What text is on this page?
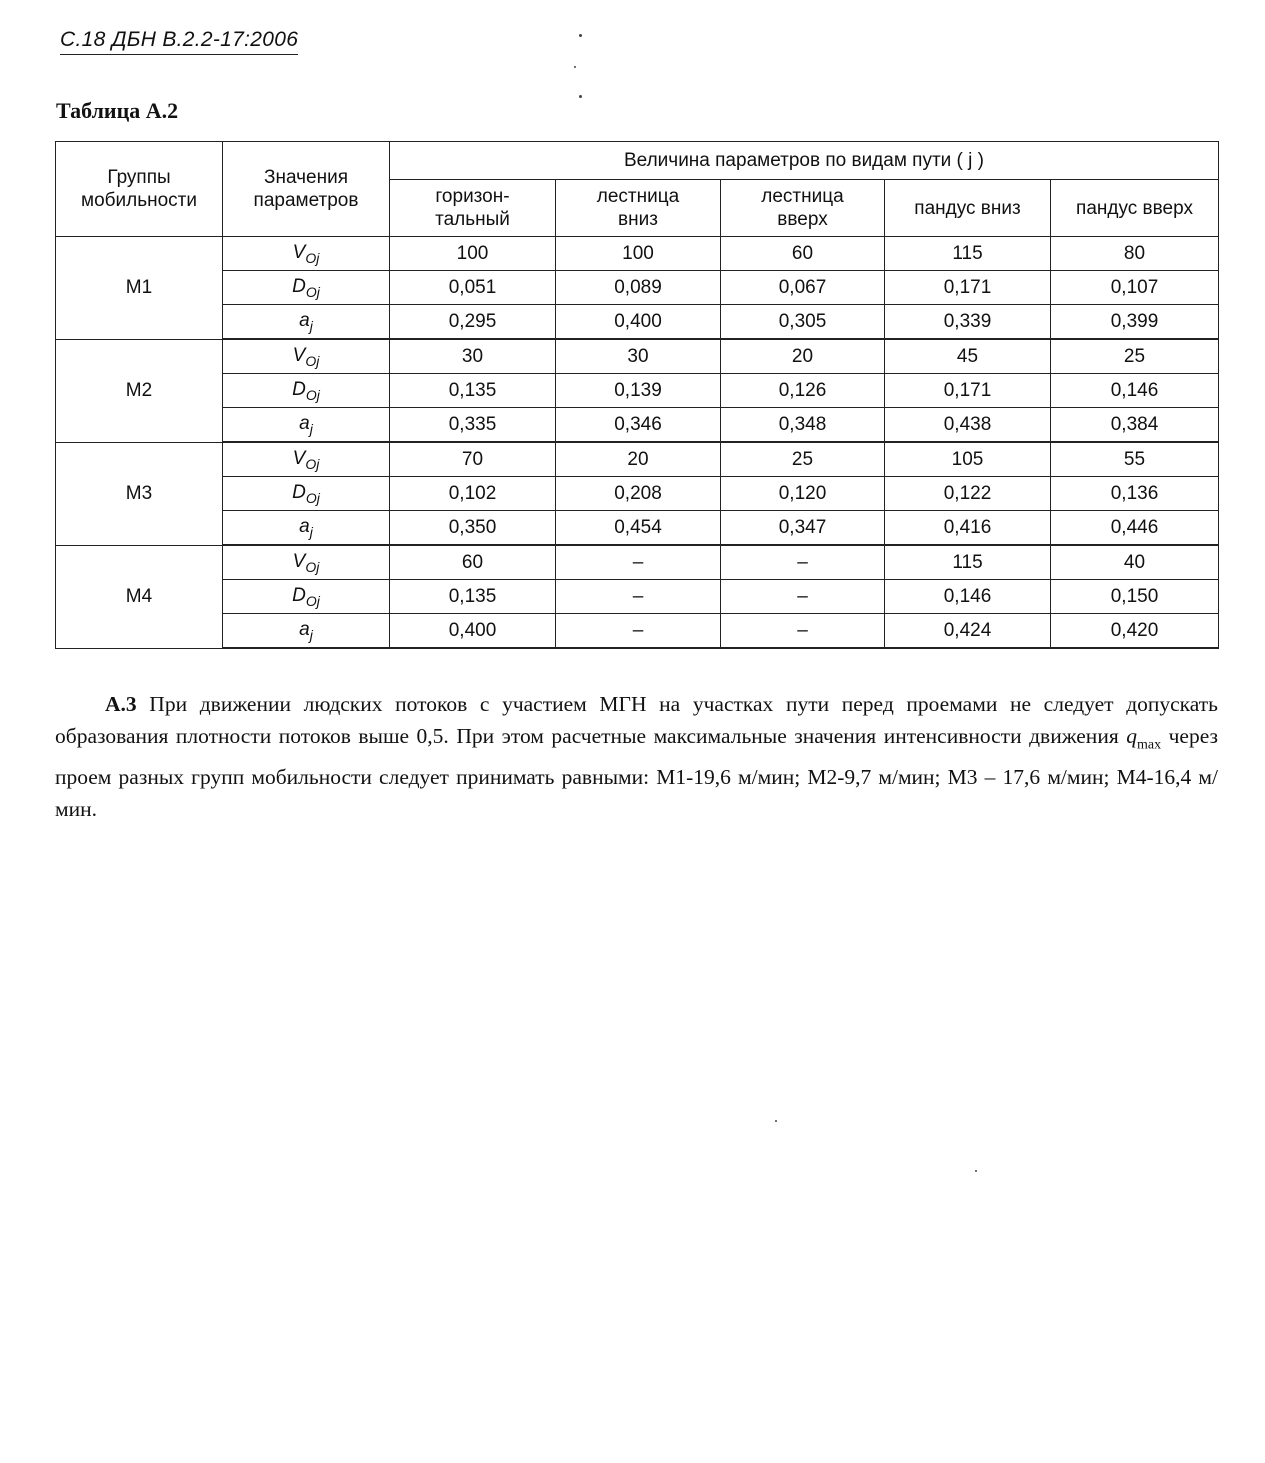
С.18 ДБН В.2.2-17:2006
Таблица А.2
Группы мобильности	Значения параметров	Величина параметров по видам пути ( j )				
		горизон-тальный	лестница вниз	лестница вверх	пандус вниз	пандус вверх
М1	$V_{Oj}$	100	100	60	115	80
	$D_{Oj}$	0,051	0,089	0,067	0,171	0,107
	$a_j$	0,295	0,400	0,305	0,339	0,399
М2	$V_{Oj}$	30	30	20	45	25
	$D_{Oj}$	0,135	0,139	0,126	0,171	0,146
	$a_j$	0,335	0,346	0,348	0,438	0,384
М3	$V_{Oj}$	70	20	25	105	55
	$D_{Oj}$	0,102	0,208	0,120	0,122	0,136
	$a_j$	0,350	0,454	0,347	0,416	0,446
М4	$V_{Oj}$	60	–	–	115	40
	$D_{Oj}$	0,135	–	–	0,146	0,150
	$a_j$	0,400	–	–	0,424	0,420
А.3 При движении людских потоков с участием МГН на участках пути перед проемами не следует допускать образования плотности потоков выше 0,5. При этом расчетные максимальные значения интенсивности движения $q_{max}$ через проем разных групп мобильности следует принимать равными: М1-19,6 м/мин; М2-9,7 м/мин; М3 – 17,6 м/мин; М4-16,4 м/мин.
